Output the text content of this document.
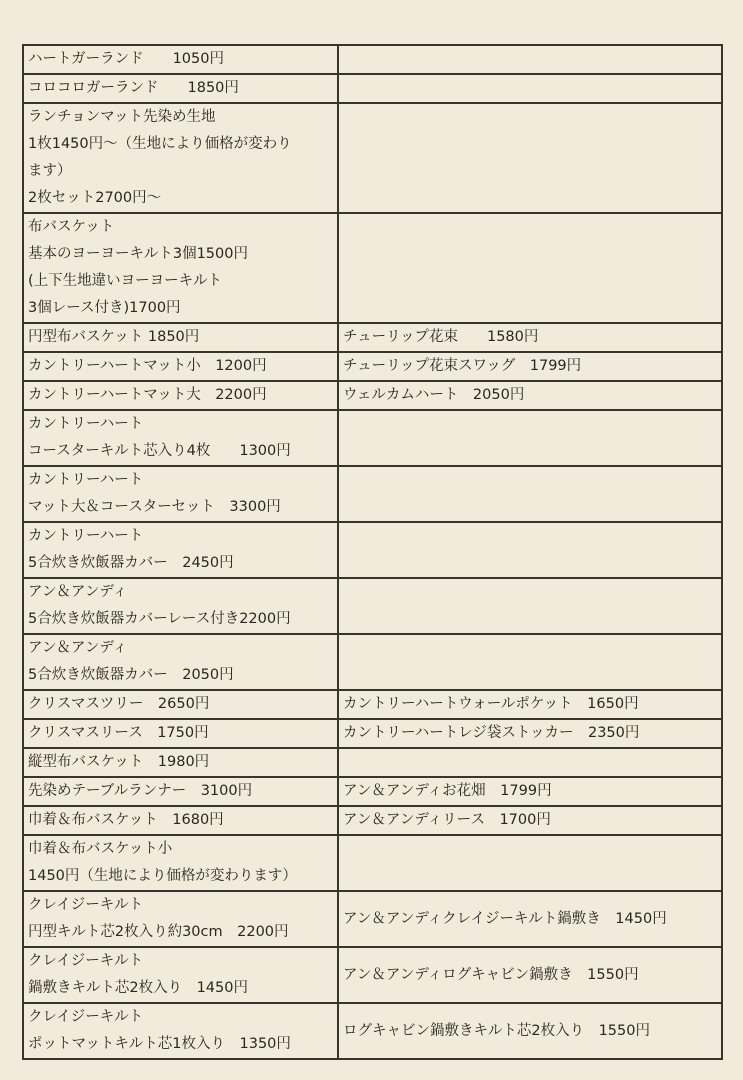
ハートガーランド　　1050円	

コロコロガーランド　　1850円	

ランチョンマット先染め生地
1枚1450円～（生地により価格が変わり
ます）
2枚セット2700円～	

布バスケット
基本のヨーヨーキルト3個1500円
(上下生地違いヨーヨーキルト
3個レース付き)1700円	

円型布バスケット 1850円	チューリップ花束　　1580円

カントリーハートマット小　1200円	チューリップ花束スワッグ　1799円

カントリーハートマット大　2200円	ウェルカムハート　2050円

カントリーハート
コースターキルト芯入り4枚　　1300円	

カントリーハート
マット大＆コースターセット　3300円	

カントリーハート
5合炊き炊飯器カバー　2450円	

アン＆アンディ
5合炊き炊飯器カバーレース付き2200円	

アン＆アンディ
5合炊き炊飯器カバー　2050円	

クリスマスツリー　2650円	カントリーハートウォールポケット　1650円

クリスマスリース　1750円	カントリーハートレジ袋ストッカー　2350円

縦型布バスケット　1980円	

先染めテーブルランナー　3100円	アン＆アンディお花畑　1799円

巾着＆布バスケット　1680円	アン＆アンディリース　1700円

巾着＆布バスケット小
1450円（生地により価格が変わります）	

クレイジーキルト
円型キルト芯2枚入り約30cm　2200円	アン＆アンディクレイジーキルト鍋敷き　1450円

クレイジーキルト
鍋敷きキルト芯2枚入り　1450円	アン＆アンディログキャビン鍋敷き　1550円

クレイジーキルト
ポットマットキルト芯1枚入り　1350円	ログキャビン鍋敷きキルト芯2枚入り　1550円
